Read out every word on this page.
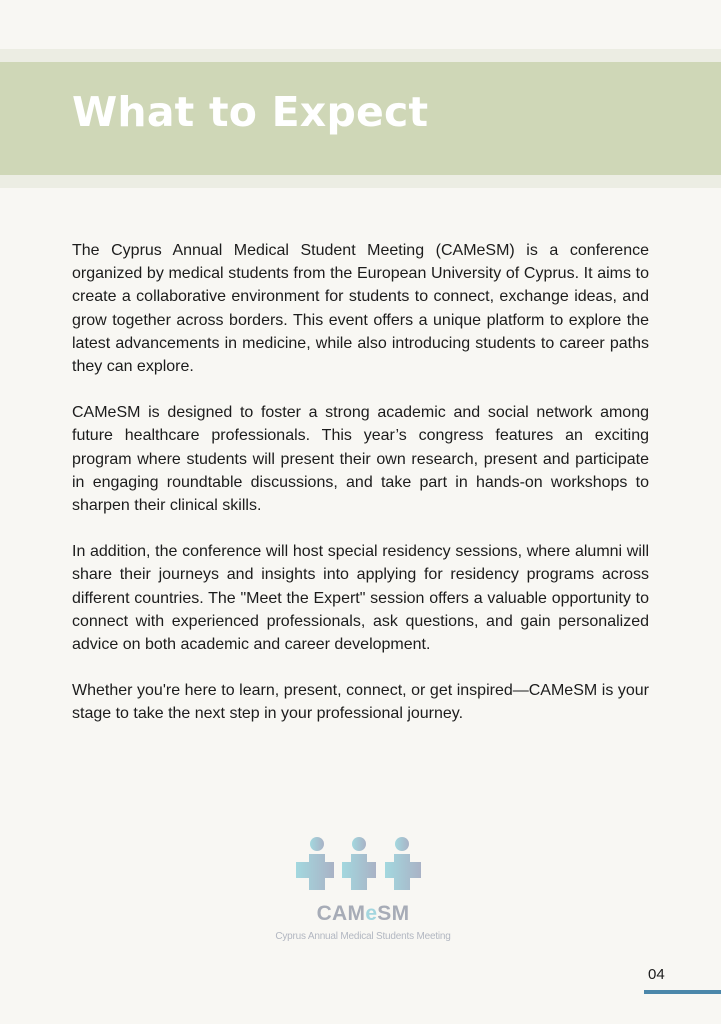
What to Expect

The Cyprus Annual Medical Student Meeting (CAMeSM) is a conference organized by medical students from the European University of Cyprus. It aims to create a collaborative environment for students to connect, exchange ideas, and grow together across borders. This event offers a unique platform to explore the latest advancements in medicine, while also introducing students to career paths they can explore.

CAMeSM is designed to foster a strong academic and social network among future healthcare professionals. This year’s congress features an exciting program where students will present their own research, present and participate in engaging roundtable discussions, and take part in hands-on workshops to sharpen their clinical skills.

In addition, the conference will host special residency sessions, where alumni will share their journeys and insights into applying for residency programs across different countries. The "Meet the Expert" session offers a valuable opportunity to connect with experienced professionals, ask questions, and gain personalized advice on both academic and career development.

Whether you're here to learn, present, connect, or get inspired—CAMeSM is your stage to take the next step in your professional journey.

CAMeSM
Cyprus Annual Medical Students Meeting
04
